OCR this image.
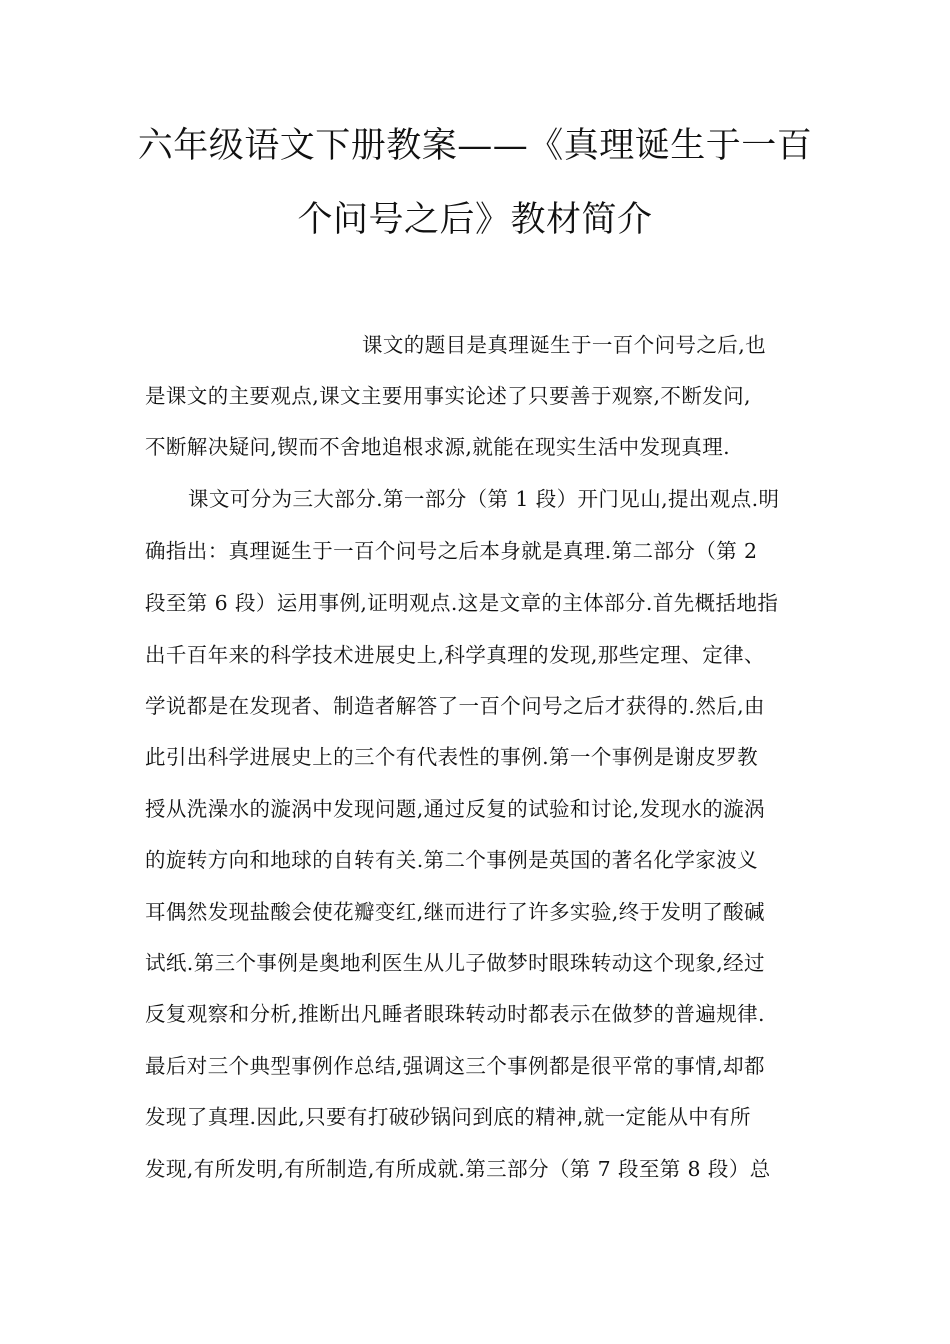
六年级语文下册教案——《真理诞生于一百
个问号之后》教材简介
课文的题目是真理诞生于一百个问号之后,也
是课文的主要观点,课文主要用事实论述了只要善于观察,不断发问,
不断解决疑问,锲而不舍地追根求源,就能在现实生活中发现真理.
课文可分为三大部分.第一部分（第 1 段）开门见山,提出观点.明
确指出：真理诞生于一百个问号之后本身就是真理.第二部分（第 2
段至第 6 段）运用事例,证明观点.这是文章的主体部分.首先概括地指
出千百年来的科学技术进展史上,科学真理的发现,那些定理、定律、
学说都是在发现者、制造者解答了一百个问号之后才获得的.然后,由
此引出科学进展史上的三个有代表性的事例.第一个事例是谢皮罗教
授从洗澡水的漩涡中发现问题,通过反复的试验和讨论,发现水的漩涡
的旋转方向和地球的自转有关.第二个事例是英国的著名化学家波义
耳偶然发现盐酸会使花瓣变红,继而进行了许多实验,终于发明了酸碱
试纸.第三个事例是奥地利医生从儿子做梦时眼珠转动这个现象,经过
反复观察和分析,推断出凡睡者眼珠转动时都表示在做梦的普遍规律.
最后对三个典型事例作总结,强调这三个事例都是很平常的事情,却都
发现了真理.因此,只要有打破砂锅问到底的精神,就一定能从中有所
发现,有所发明,有所制造,有所成就.第三部分（第 7 段至第 8 段）总
